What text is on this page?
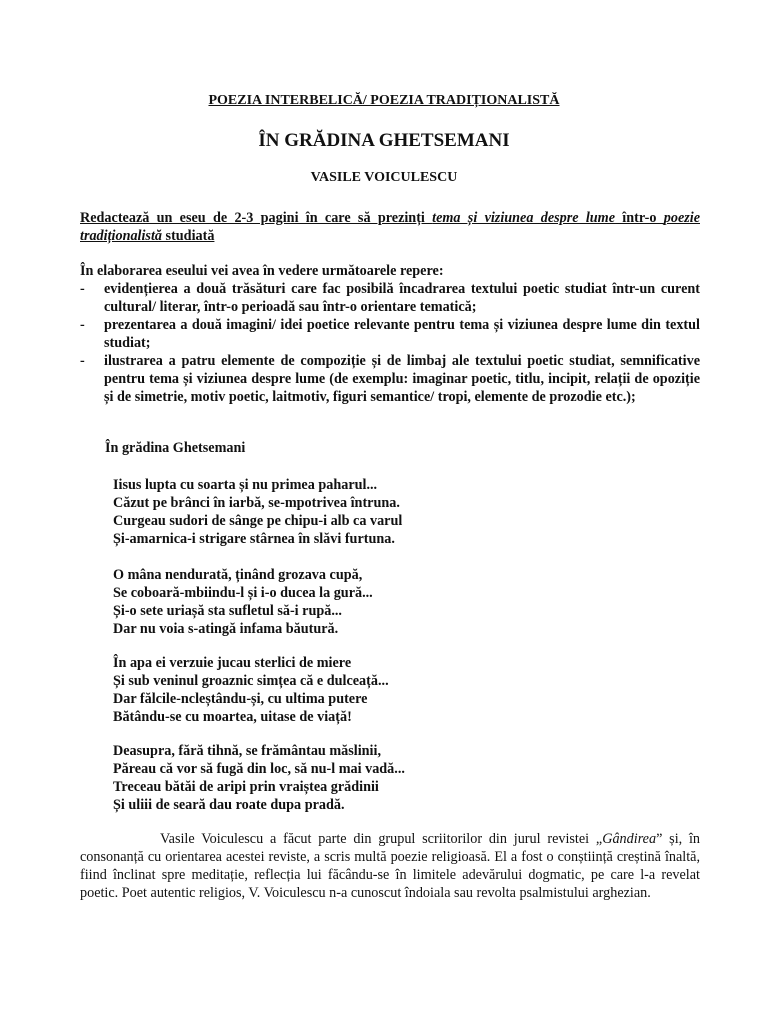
POEZIA INTERBELICĂ/ POEZIA TRADIȚIONALISTĂ
ÎN GRĂDINA GHETSEMANI
VASILE VOICULESCU
Redactează un eseu de 2-3 pagini în care să prezinți tema și viziunea despre lume într-o poezie tradiționalistă studiată
În elaborarea eseului vei avea în vedere următoarele repere:
- evidențierea a două trăsături care fac posibilă încadrarea textului poetic studiat într-un curent cultural/ literar, într-o perioadă sau într-o orientare tematică;
- prezentarea a două imagini/ idei poetice relevante pentru tema și viziunea despre lume din textul studiat;
- ilustrarea a patru elemente de compoziție și de limbaj ale textului poetic studiat, semnificative pentru tema și viziunea despre lume (de exemplu: imaginar poetic, titlu, incipit, relații de opoziție și de simetrie, motiv poetic, laitmotiv, figuri semantice/ tropi, elemente de prozodie etc.);
În grădina Ghetsemani
Iisus lupta cu soarta și nu primea paharul...
Căzut pe brânci în iarbă, se-mpotrivea întruna.
Curgeau sudori de sânge pe chipu-i alb ca varul
Și-amarnica-i strigare stârnea în slăvi furtuna.
O mâna nendurată, ținând grozava cupă,
Se coboară-mbiindu-l și i-o ducea la gură...
Și-o sete uriașă sta sufletul să-i rupă...
Dar nu voia s-atingă infama băutură.
În apa ei verzuie jucau sterlici de miere
Și sub veninul groaznic simțea că e dulceață...
Dar fălcile-ncleștându-și, cu ultima putere
Bătându-se cu moartea, uitase de viață!
Deasupra, fără tihnă, se frământau măslinii,
Păreau că vor să fugă din loc, să nu-l mai vadă...
Treceau bătăi de aripi prin vraiștea grădinii
Și uliii de seară dau roate dupa pradă.
Vasile Voiculescu a făcut parte din grupul scriitorilor din jurul revistei „Gândirea” și, în consonanță cu orientarea acestei reviste, a scris multă poezie religioasă. El a fost o conștiință creștină înaltă, fiind înclinat spre meditație, reflecția lui făcându-se în limitele adevărului dogmatic, pe care l-a revelat poetic. Poet autentic religios, V. Voiculescu n-a cunoscut îndoiala sau revolta psalmistului arghezian.
